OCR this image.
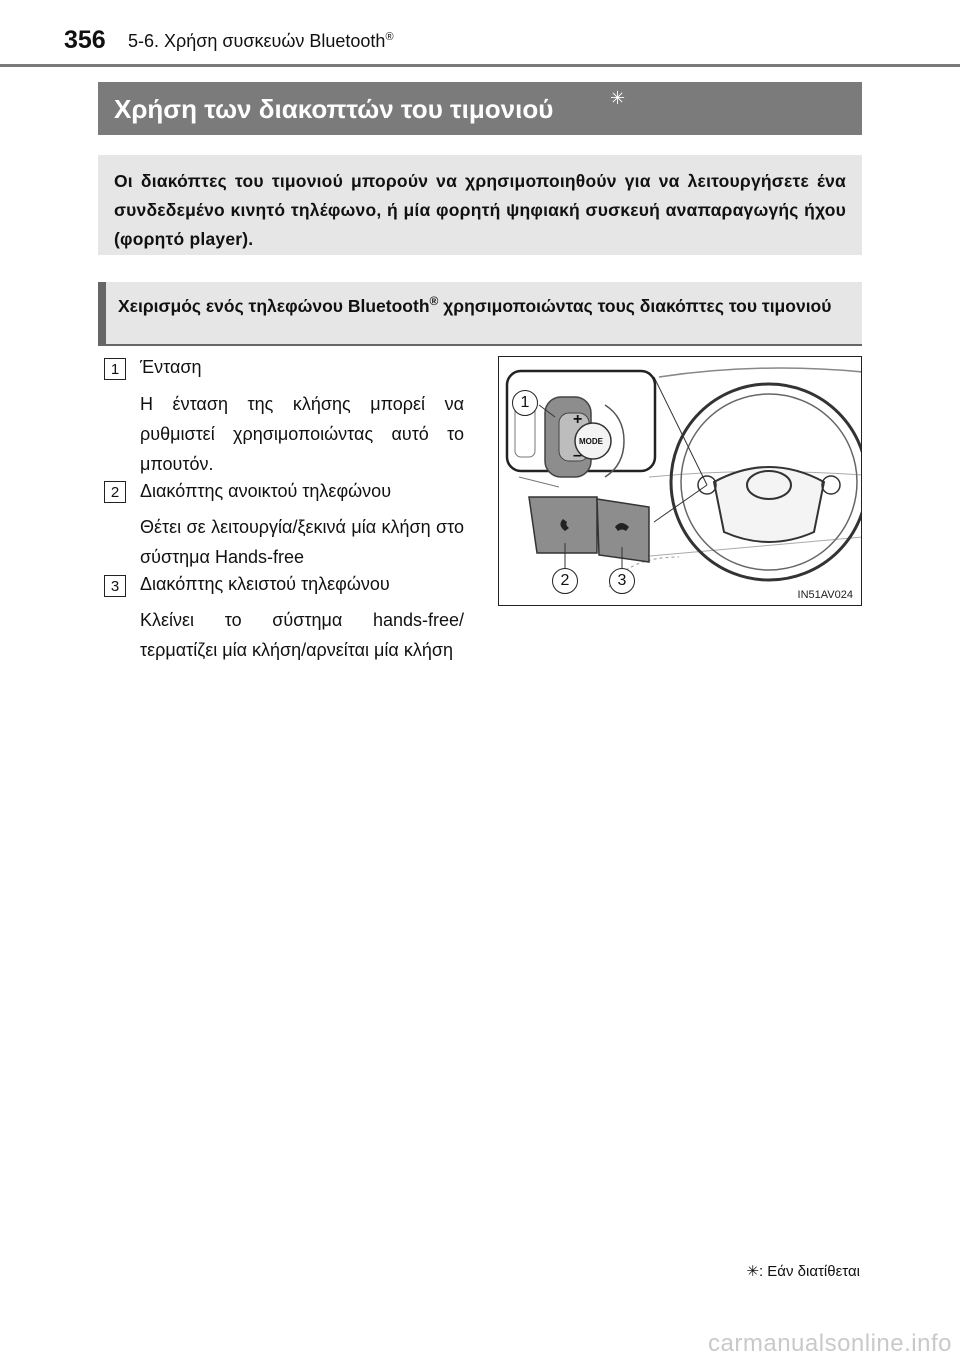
356 5-6. Χρήση συσκευών Bluetooth®
Χρήση των διακοπτών του τιμονιού	✳
Οι διακόπτες του τιμονιού μπορούν να χρησιμοποιηθούν για να λειτουργήσετε ένα συνδεδεμένο κινητό τηλέφωνο, ή μία φορητή ψηφιακή συσκευή αναπαραγωγής ήχου (φορητό player).
Χειρισμός ενός τηλεφώνου Bluetooth® χρησιμοποιώντας τους διακόπτες του τιμονιού
1	Ένταση
Η ένταση της κλήσης μπορεί να ρυθμιστεί χρησιμοποιώντας αυτό το μπουτόν.
2	Διακόπτης ανοικτού τηλεφώνου
Θέτει σε λειτουργία/ξεκινά μία κλήση στο σύστημα Hands-free
3	Διακόπτης κλειστού τηλεφώνου
Κλείνει το σύστημα hands-free/τερματίζει μία κλήση/αρνείται μία κλήση
+
–
MODE
1
2	3
IN51AV024
✳: Εάν διατίθεται
carmanualsonline.info
